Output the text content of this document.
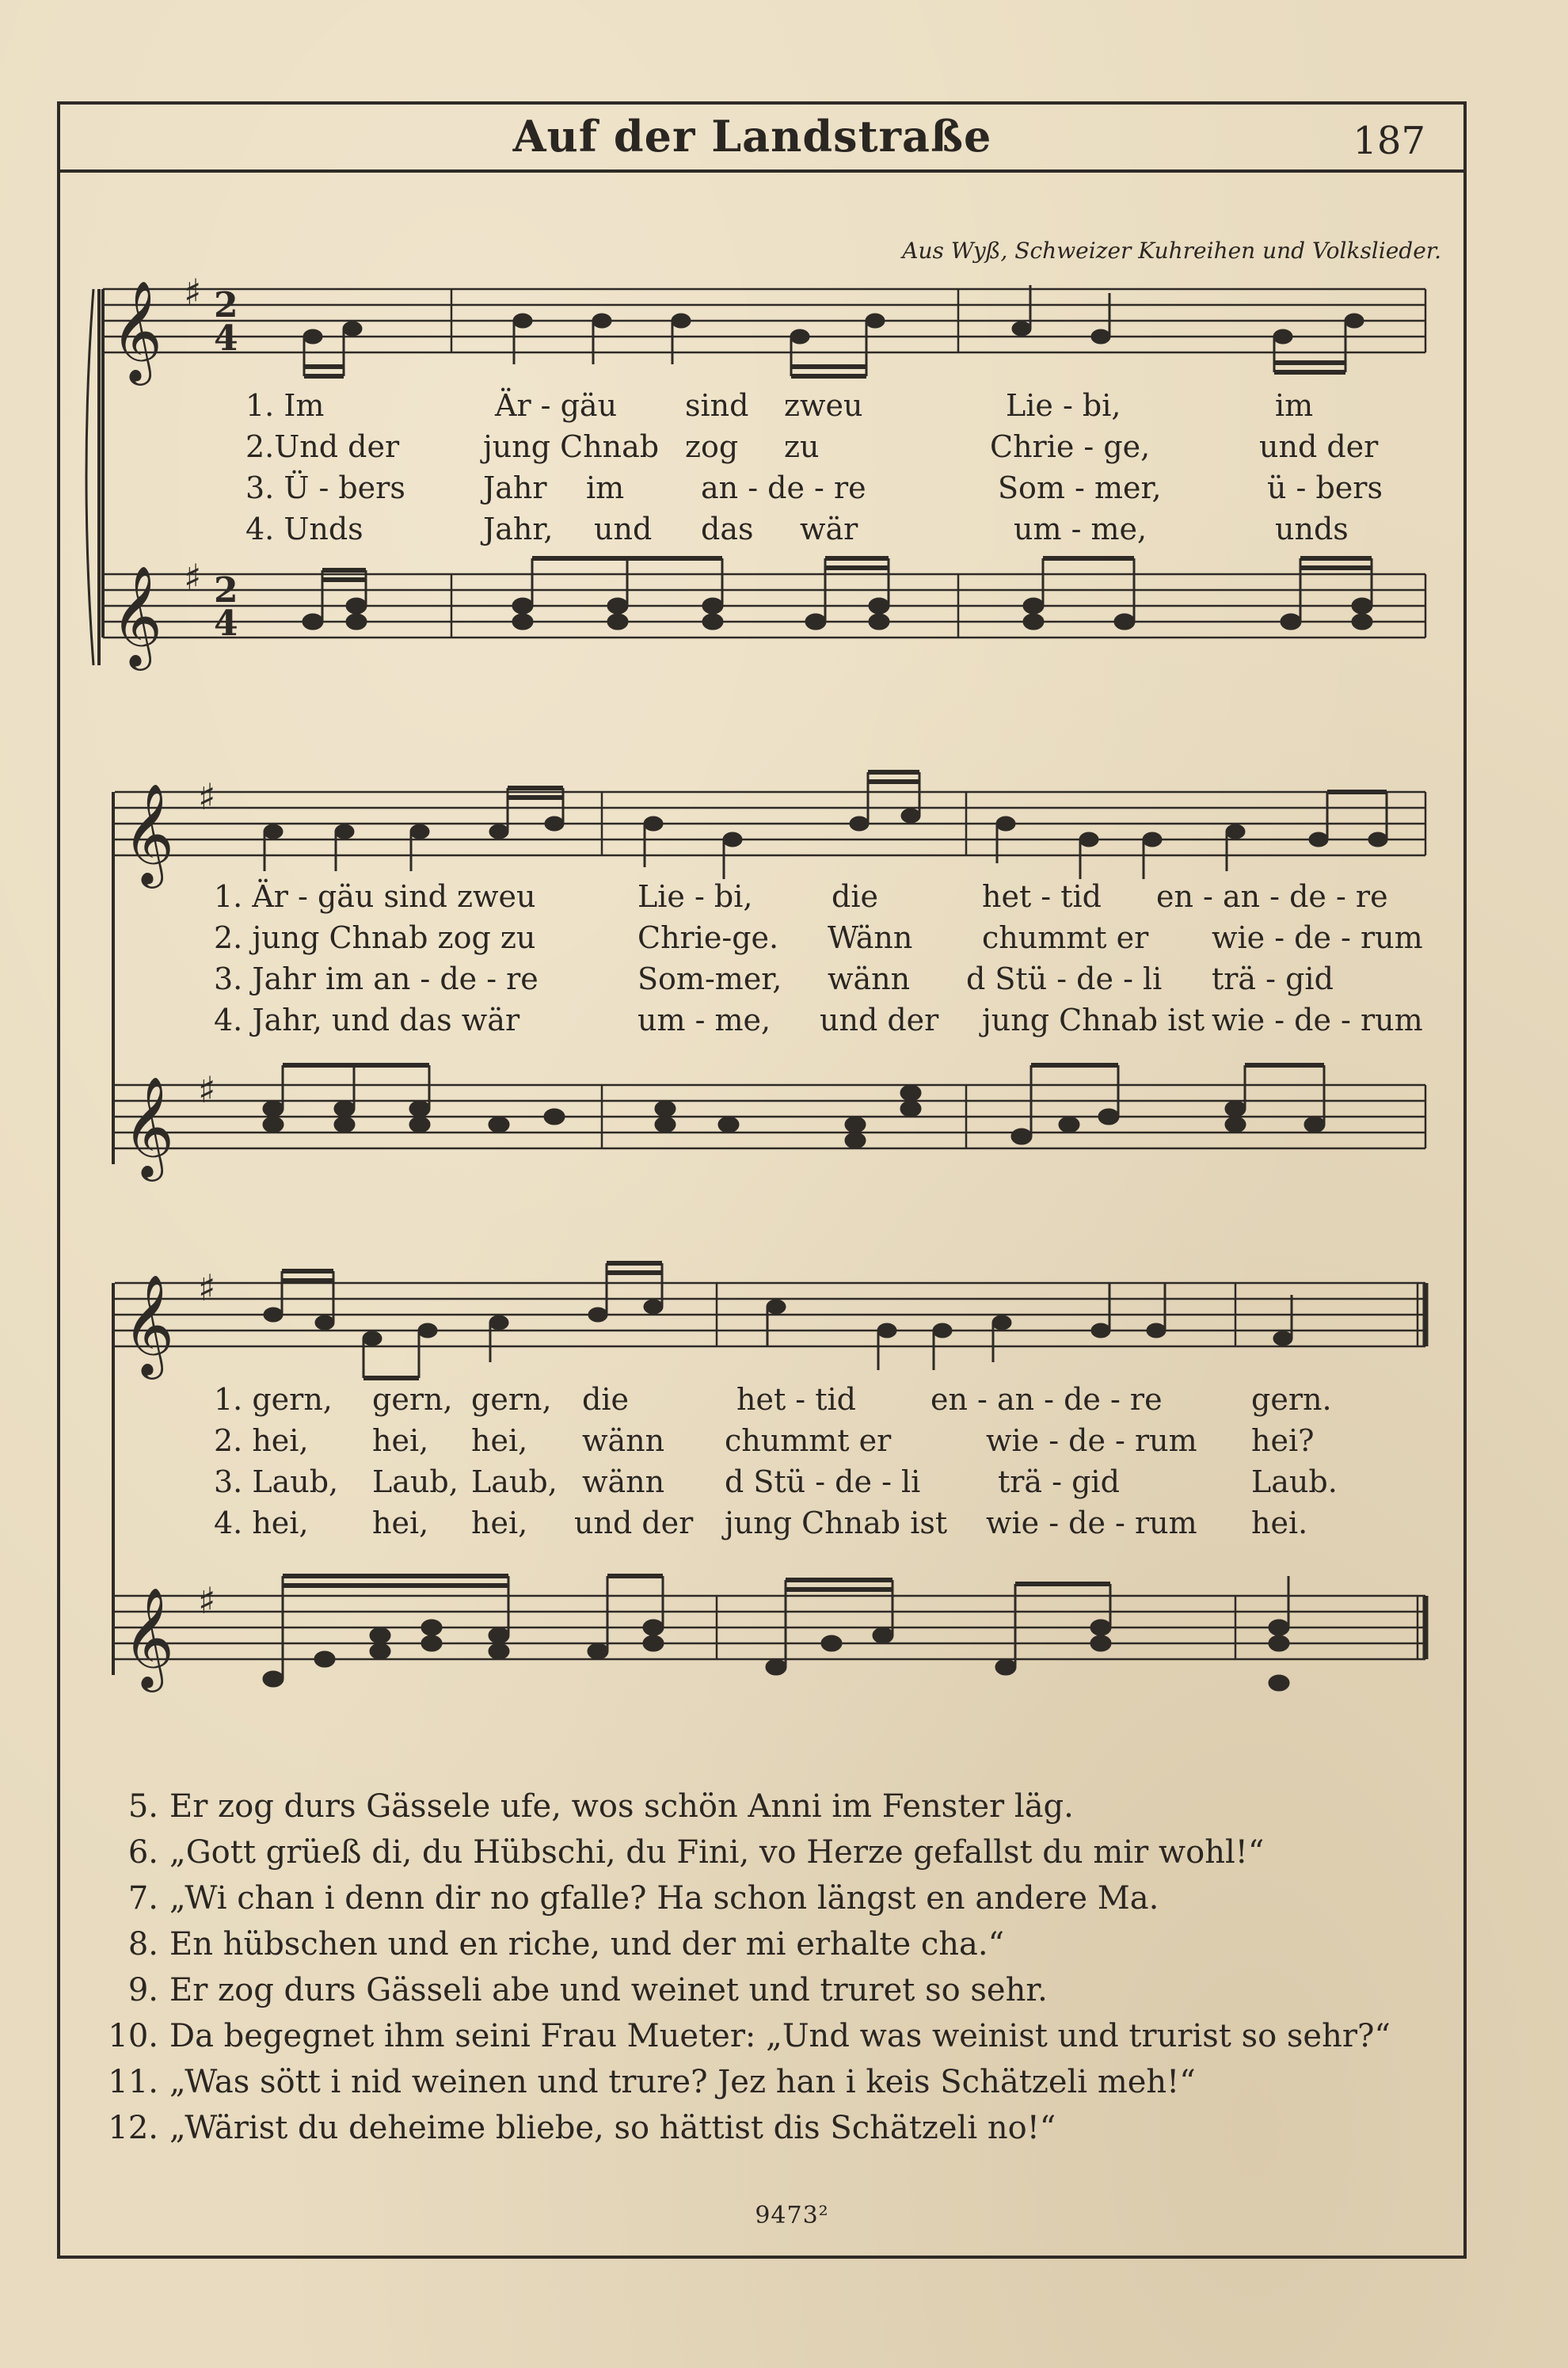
Auf der Landstraße	187
Aus Wyß, Schweizer Kuhreihen und Volkslieder.
𝄞 ♯ 2
4
𝄞 ♯ 2
4
𝄞 ♯
𝄞 ♯
𝄞 ♯
𝄞 ♯
1. Im	Är - gäu sind zweu	Lie - bi,	im
2.Und der	jung Chnab zog zu	Chrie - ge,	und der
3. Ü - bers	Jahr im	an - de - re	Som - mer,	ü - bers
4. Unds	Jahr, und das wär	um - me,	unds
1. Är - gäu sind zweu	Lie - bi,	die	het - tid en - an - de - re
2. jung Chnab zog zu	Chrie-ge. Wänn chummt er wie - de - rum
3. Jahr im an - de - re	Som-mer, wänn d Stü - de - li trä - gid
4. Jahr, und das wär	um - me, und der jung Chnab ist wie - de - rum
1. gern, gern, gern, die	het - tid en - an - de - re	gern.
2. hei, hei, hei, wänn chummt er	wie - de - rum hei?
3. Laub, Laub, Laub, wänn d Stü - de - li	trä - gid	Laub.
4. hei, hei, hei, und der jung Chnab ist wie - de - rum hei.
5. Er zog durs Gässele ufe, wos schön Anni im Fenster läg.
6. „Gott grüeß di, du Hübschi, du Fini, vo Herze gefallst du mir wohl!“
7. „Wi chan i denn dir no gfalle? Ha schon längst en andere Ma.
8. En hübschen und en riche, und der mi erhalte cha.“
9. Er zog durs Gässeli abe und weinet und truret so sehr.
10. Da begegnet ihm seini Frau Mueter: „Und was weinist und trurist so sehr?“
11. „Was sött i nid weinen und trure? Jez han i keis Schätzeli meh!“
12. „Wärist du deheime bliebe, so hättist dis Schätzeli no!“
9473²
